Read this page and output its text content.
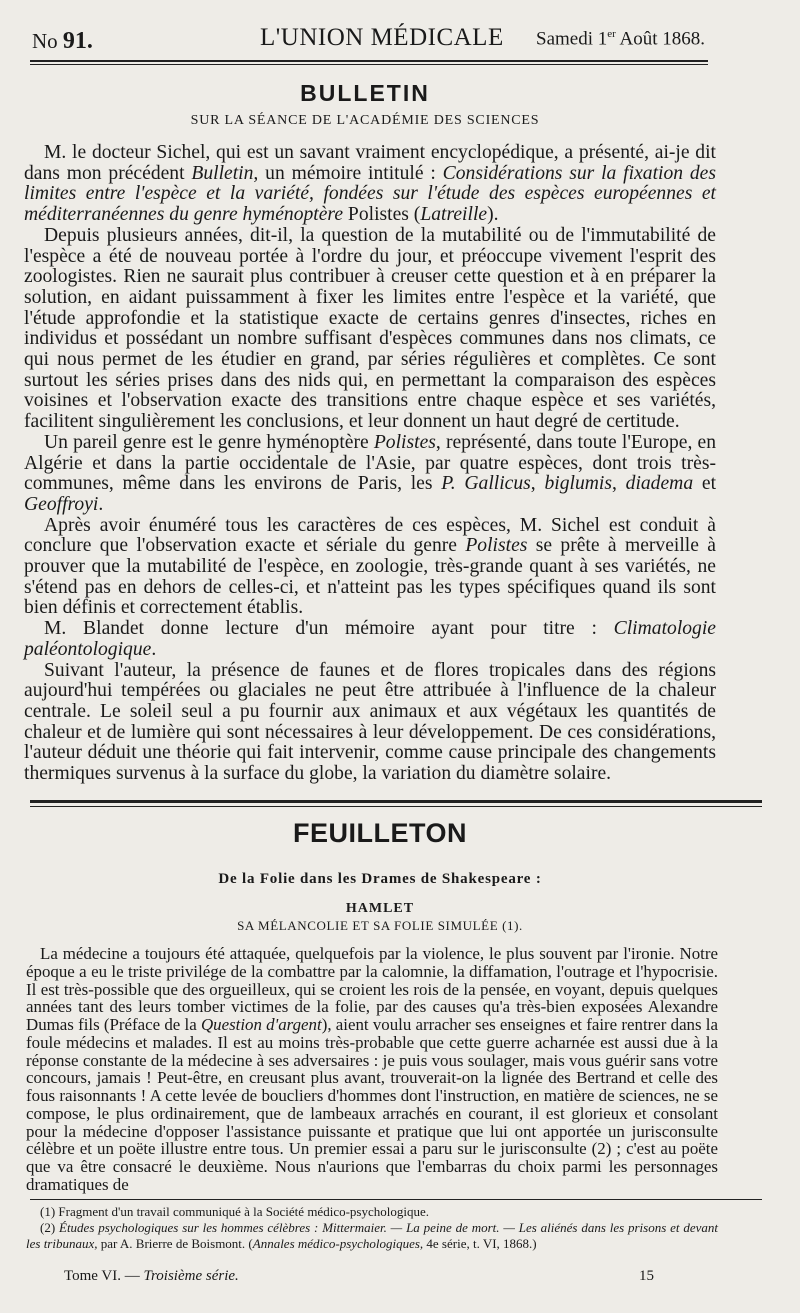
No 91.	L'UNION MÉDICALE Samedi 1er Août 1868.
BULLETIN
SUR LA SÉANCE DE L'ACADÉMIE DES SCIENCES

M. le docteur Sichel, qui est un savant vraiment encyclopédique, a présenté, ai-je dit dans mon précédent Bulletin, un mémoire intitulé : Considérations sur la fixation des limites entre l'espèce et la variété, fondées sur l'étude des espèces européennes et méditerranéennes du genre hyménoptère Polistes (Latreille).

Depuis plusieurs années, dit-il, la question de la mutabilité ou de l'immutabilité de l'espèce a été de nouveau portée à l'ordre du jour, et préoccupe vivement l'esprit des zoologistes. Rien ne saurait plus contribuer à creuser cette question et à en préparer la solution, en aidant puissamment à fixer les limites entre l'espèce et la variété, que l'étude approfondie et la statistique exacte de certains genres d'insectes, riches en individus et possédant un nombre suffisant d'espèces communes dans nos climats, ce qui nous permet de les étudier en grand, par séries régulières et complètes. Ce sont surtout les séries prises dans des nids qui, en permettant la comparaison des espèces voisines et l'observation exacte des transitions entre chaque espèce et ses variétés, facilitent singulièrement les conclusions, et leur donnent un haut degré de certitude.

Un pareil genre est le genre hyménoptère Polistes, représenté, dans toute l'Europe, en Algérie et dans la partie occidentale de l'Asie, par quatre espèces, dont trois très-communes, même dans les environs de Paris, les P. Gallicus, biglumis, diadema et Geoffroyi.

Après avoir énuméré tous les caractères de ces espèces, M. Sichel est conduit à conclure que l'observation exacte et sériale du genre Polistes se prête à merveille à prouver que la mutabilité de l'espèce, en zoologie, très-grande quant à ses variétés, ne s'étend pas en dehors de celles-ci, et n'atteint pas les types spécifiques quand ils sont bien définis et correctement établis.

M. Blandet donne lecture d'un mémoire ayant pour titre : Climatologie paléontologique.

Suivant l'auteur, la présence de faunes et de flores tropicales dans des régions aujourd'hui tempérées ou glaciales ne peut être attribuée à l'influence de la chaleur centrale. Le soleil seul a pu fournir aux animaux et aux végétaux les quantités de chaleur et de lumière qui sont nécessaires à leur développement. De ces considérations, l'auteur déduit une théorie qui fait intervenir, comme cause principale des changements thermiques survenus à la surface du globe, la variation du diamètre solaire.

FEUILLETON
De la Folie dans les Drames de Shakespeare :
HAMLET
SA MÉLANCOLIE ET SA FOLIE SIMULÉE (1).

La médecine a toujours été attaquée, quelquefois par la violence, le plus souvent par l'ironie. Notre époque a eu le triste privilége de la combattre par la calomnie, la diffamation, l'outrage et l'hypocrisie. Il est très-possible que des orgueilleux, qui se croient les rois de la pensée, en voyant, depuis quelques années tant des leurs tomber victimes de la folie, par des causes qu'a très-bien exposées Alexandre Dumas fils (Préface de la Question d'argent), aient voulu arracher ses enseignes et faire rentrer dans la foule médecins et malades. Il est au moins très-probable que cette guerre acharnée est aussi due à la réponse constante de la médecine à ses adversaires : je puis vous soulager, mais vous guérir sans votre concours, jamais ! Peut-être, en creusant plus avant, trouverait-on la lignée des Bertrand et celle des fous raisonnants ! A cette levée de boucliers d'hommes dont l'instruction, en matière de sciences, ne se compose, le plus ordinairement, que de lambeaux arrachés en courant, il est glorieux et consolant pour la médecine d'opposer l'assistance puissante et pratique que lui ont apportée un jurisconsulte célèbre et un poëte illustre entre tous. Un premier essai a paru sur le jurisconsulte (2) ; c'est au poëte que va être consacré le deuxième. Nous n'aurions que l'embarras du choix parmi les personnages dramatiques de

(1) Fragment d'un travail communiqué à la Société médico-psychologique.

(2) Études psychologiques sur les hommes célèbres : Mittermaier. — La peine de mort. — Les aliénés dans les prisons et devant les tribunaux, par A. Brierre de Boismont. (Annales médico-psychologiques, 4e série, t. VI, 1868.)

Tome VI. — Troisième série.	15
